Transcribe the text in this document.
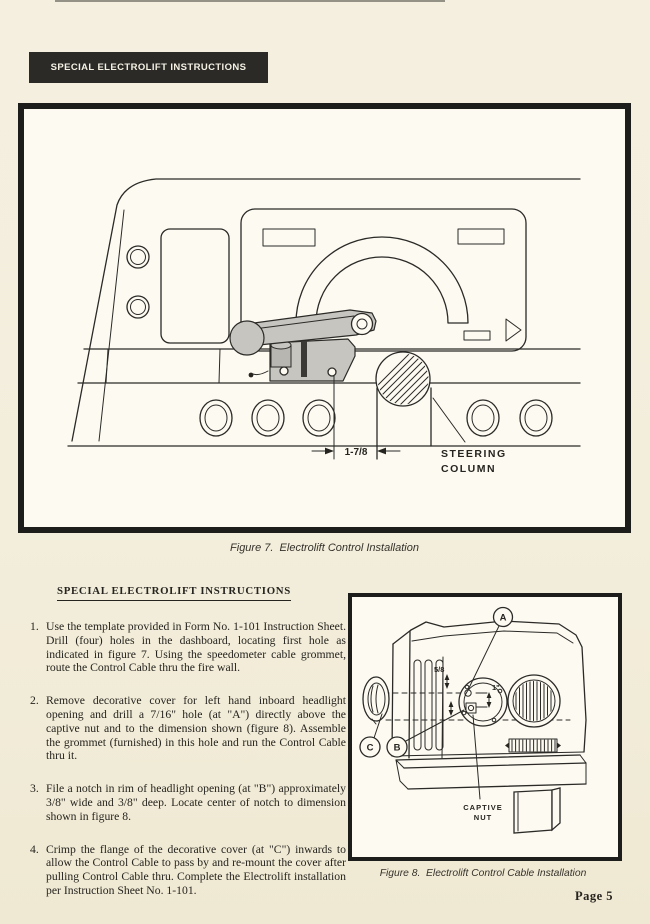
SPECIAL ELECTROLIFT INSTRUCTIONS
1-7/8	STEERING
COLUMN
Figure 7.  Electrolift Control Installation
SPECIAL ELECTROLIFT INSTRUCTIONS
1. Use the template provided in Form No. 1-101 Instruction Sheet. Drill (four) holes in the dashboard, locating first hole as indicated in figure 7. Using the speedometer cable grommet, route the Control Cable thru the fire wall.
2. Remove decorative cover for left hand inboard headlight opening and drill a 7/16" hole (at "A") directly above the captive nut and to the dimension shown (figure 8). Assemble the grommet (furnished) in this hole and run the Control Cable thru it.
3. File a notch in rim of headlight opening (at "B") approximately 3/8" wide and 3/8" deep. Locate center of notch to dimension shown in figure 8.
4. Crimp the flange of the decorative cover (at "C") inwards to allow the Control Cable to pass by and re-mount the cover after pulling Control Cable thru. Complete the Electrolift installation per Instruction Sheet No. 1-101.
5/8
1"
A
B
C
CAPTIVE
NUT
Figure 8.  Electrolift Control Cable Installation
Page 5
